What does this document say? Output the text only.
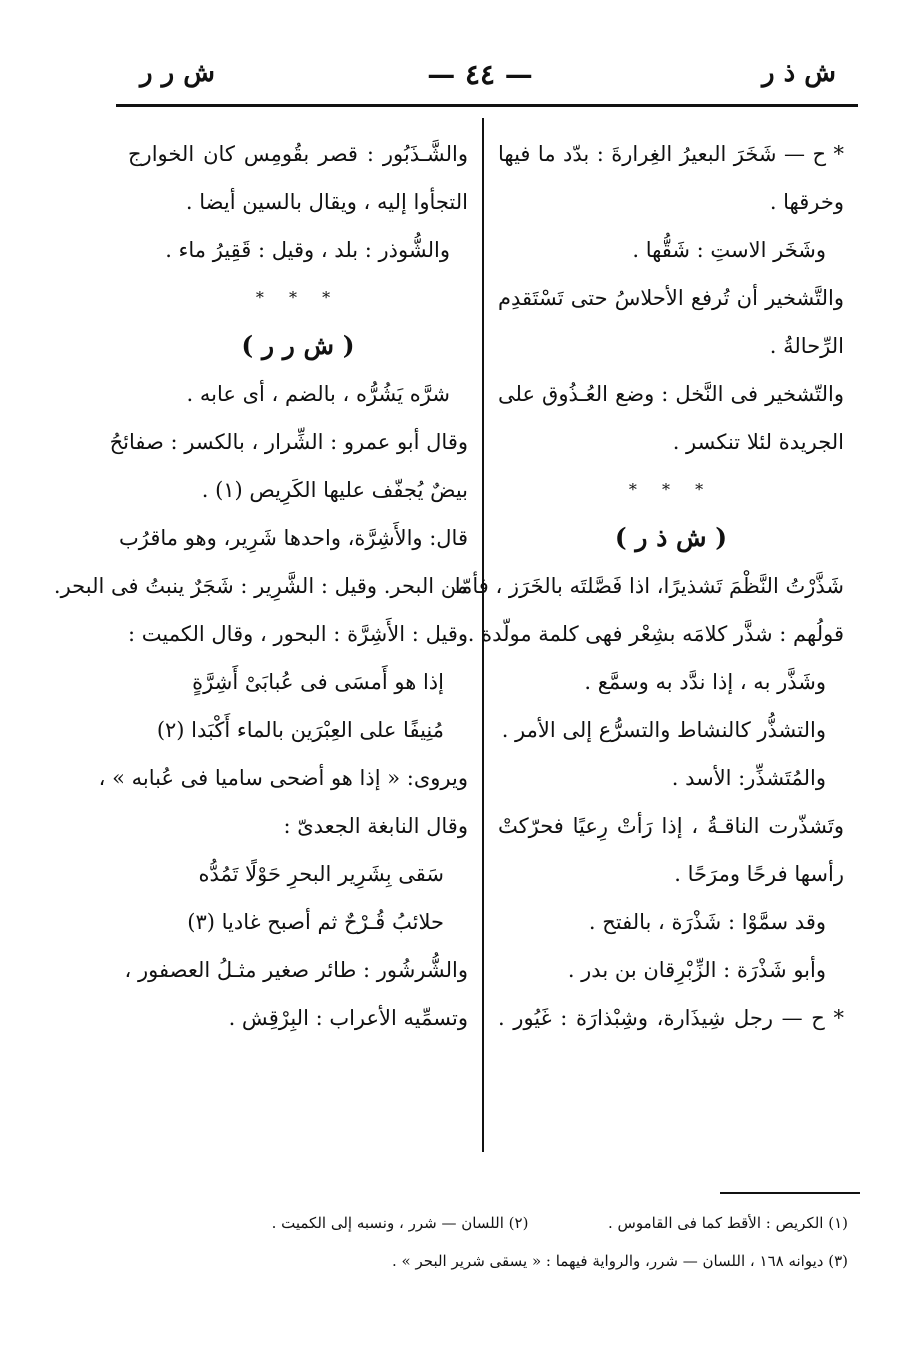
ش ذ ر
— ٤٤ —
ش ر ر
* ح — شَخَرَ البعيرُ الغِرارةَ : بدّد ما فيها
وخرقها .
وشَخَر الاستِ : شَقُّها .
والتَّشخير أن تُرفع الأحلاسُ حتى تَسْتَقدِم
الرِّحالةُ .
والتّشخير فى النَّخل : وضع العُـذُوق على
الجريدة لئلا تنكسر .
* * *
( ش ذ ر )
شَذَّرْتُ النَّظْمَ تَشذيرًا، اذا فَصَّلتَه بالخَرَز ، فأمّا
قولُهم : شذَّر كلامَه بشِعْر فهى كلمة مولّدة .
وشَذَّر به ، إذا ندَّد به وسمَّع .
والتشذُّر كالنشاط والتسرُّع إلى الأمر .
والمُتَشذِّر: الأسد .
وتَشذّرت الناقـةُ ، إذا رَأتْ رِعيًا فحرّكتْ
رأسها فرحًا ومرَحًا .
وقد سمَّوْا : شَذْرَة ، بالفتح .
وأبو شَذْرَة : الزِّبْرِقان بن بدر .
* ح — رجل شِيذَارة، وشِبْذارَة : غَيُور .
والشَّـذَبُور : قصر بقُومِس كان الخوارج
التجأوا إليه ، ويقال بالسين أيضا .
والشُّوذر : بلد ، وقيل : قَقِيرُ ماء .
* * *
( ش ر ر )
شرَّه يَشُرُّه ، بالضم ، أى عابه .
وقال أبو عمرو : الشِّرار ، بالكسر : صفائحُ
بيضٌ يُجفّف عليها الكَرِيص (١) .
قال: والأَشِرَّة، واحدها شَرِير، وهو ماقرُب
من البحر. وقيل : الشَّرِير : شَجَرٌ ينبتُ فى البحر.
وقيل : الأَشِرَّة : البحور ، وقال الكميت :
إذا هو أَمسَى فى عُبابَىْ أَشِرَّةٍ
مُنِيفًا على العِبْرَين بالماء أَكْبَدا (٢)
ويروى: « إذا هو أضحى ساميا فى عُبابه » ،
وقال النابغة الجعدىّ :
سَقى بِشَرِير البحرِ حَوْلًا تَمُدُّه
حلائبُ قُـرْحٌ ثم أصبح غاديا (٣)
والشُّرشُور : طائر صغير مثـلُ العصفور ،
وتسمِّيه الأعراب : البِرْقِش .
(١) الكريص : الأقط كما فى القاموس .  (٢) اللسان — شرر ، ونسبه إلى الكميت .
(٣) ديوانه ١٦٨ ، اللسان — شرر، والرواية فيهما : « يسقى شرير البحر » .
